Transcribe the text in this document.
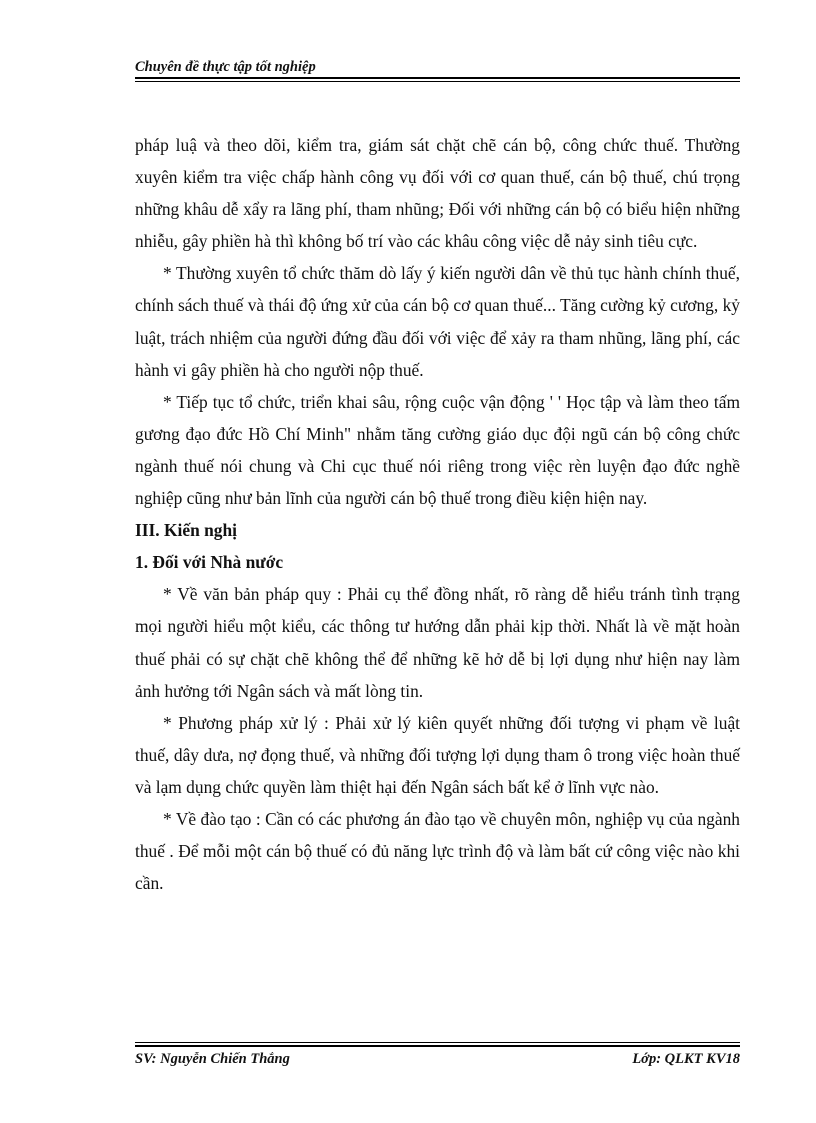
Chuyên đề thực tập tốt nghiệp

pháp luậ và theo dõi, kiểm tra, giám sát chặt chẽ cán bộ, công chức thuế. Thường xuyên kiểm tra việc chấp hành công vụ đối với cơ quan thuế, cán bộ thuế, chú trọng những khâu dễ xẩy ra lãng phí, tham nhũng; Đối với những cán bộ có biểu hiện những nhiễu, gây phiền hà thì không bố trí vào các khâu công việc dễ nảy sinh tiêu cực.

* Thường xuyên tổ chức thăm dò lấy ý kiến người dân về thủ tục hành chính thuế, chính sách thuế và thái độ ứng xử của cán bộ cơ quan thuế... Tăng cường kỷ cương, kỷ luật, trách nhiệm của người đứng đầu đối với việc để xảy ra tham nhũng, lãng phí, các hành vi gây phiền hà cho người nộp thuế.

* Tiếp tục tổ chức, triển khai sâu, rộng cuộc vận động ' ' Học tập và làm theo tấm gương đạo đức Hồ Chí Minh" nhằm tăng cường giáo dục đội ngũ cán bộ công chức ngành thuế nói chung và Chi cục thuế nói riêng trong việc rèn luyện đạo đức nghề nghiệp cũng như bản lĩnh của người cán bộ thuế trong điều kiện hiện nay.

III. Kiến nghị

1. Đối với Nhà nước

* Về văn bản pháp quy : Phải cụ thể đồng nhất, rõ ràng dễ hiểu tránh tình trạng mọi người hiểu một kiểu, các thông tư hướng dẫn phải kịp thời. Nhất là về mặt hoàn thuế phải có sự chặt chẽ không thể để những kẽ hở dễ bị lợi dụng như hiện nay làm ảnh hưởng tới Ngân sách và mất lòng tin.

* Phương pháp xử lý : Phải xử lý kiên quyết những đối tượng vi phạm về luật thuế, dây dưa, nợ đọng thuế, và những đối tượng lợi dụng tham ô trong việc hoàn thuế và lạm dụng chức quyền làm thiệt hại đến Ngân sách bất kể ở lĩnh vực nào.

* Về đào tạo : Cần có các phương án đào tạo về chuyên môn, nghiệp vụ của ngành thuế . Để mỗi một cán bộ thuế có đủ năng lực trình độ và làm bất cứ công việc nào khi cần.

SV: Nguyễn Chiến Thắng	Lớp: QLKT KV18
